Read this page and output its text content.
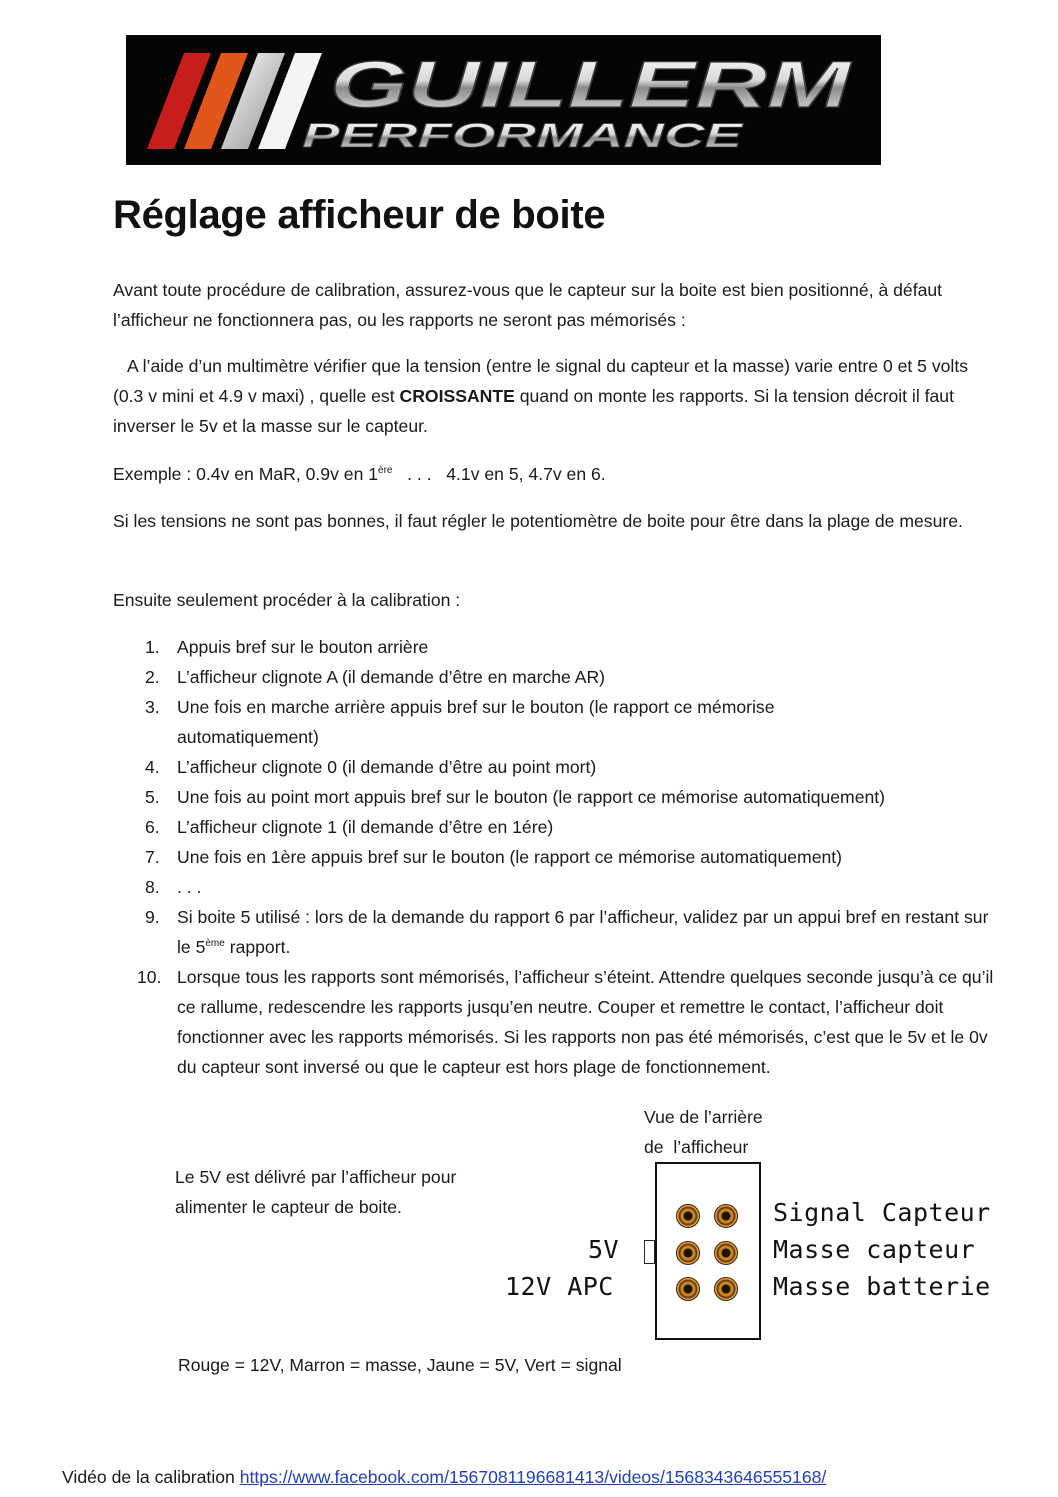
GUILLERM
PERFORMANCE
Réglage afficheur de boite

Avant toute procédure de calibration, assurez-vous que le capteur sur la boite est bien positionné, à défaut l’afficheur ne fonctionnera pas, ou les rapports ne seront pas mémorisés :

A l’aide d’un multimètre vérifier que la tension (entre le signal du capteur et la masse) varie entre 0 et 5 volts (0.3 v mini et 4.9 v maxi) , quelle est CROISSANTE quand on monte les rapports. Si la tension décroit il faut inverser le 5v et la masse sur le capteur.

Exemple : 0.4v en MaR, 0.9v en 1ère   . . .   4.1v en 5, 4.7v en 6.

Si les tensions ne sont pas bonnes, il faut régler le potentiomètre de boite pour être dans la plage de mesure.

Ensuite seulement procéder à la calibration :

1. Appuis bref sur le bouton arrière
2. L’afficheur clignote A (il demande d’être en marche AR)
3. Une fois en marche arrière appuis bref sur le bouton (le rapport ce mémorise automatiquement)
4. L’afficheur clignote 0 (il demande d’être au point mort)
5. Une fois au point mort appuis bref sur le bouton (le rapport ce mémorise automatiquement)
6. L’afficheur clignote 1 (il demande d’être en 1ére)
7. Une fois en 1ère appuis bref sur le bouton (le rapport ce mémorise automatiquement)
8. . . .
9. Si boite 5 utilisé : lors de la demande du rapport 6 par l’afficheur, validez par un appui bref en restant sur le 5ème rapport.
10. Lorsque tous les rapports sont mémorisés, l’afficheur s’éteint. Attendre quelques seconde jusqu’à ce qu’il ce rallume, redescendre les rapports jusqu’en neutre. Couper et remettre le contact, l’afficheur doit fonctionner avec les rapports mémorisés. Si les rapports non pas été mémorisés, c’est que le 5v et le 0v du capteur sont inversé ou que le capteur est hors plage de fonctionnement.
Vue de l’arrière
de  l’afficheur
Le 5V est délivré par l’afficheur pour alimenter le capteur de boite.
5V
12V APC
Signal Capteur
Masse capteur
Masse batterie
Rouge = 12V, Marron = masse, Jaune = 5V, Vert = signal
Vidéo de la calibration https://www.facebook.com/1567081196681413/videos/1568343646555168/
